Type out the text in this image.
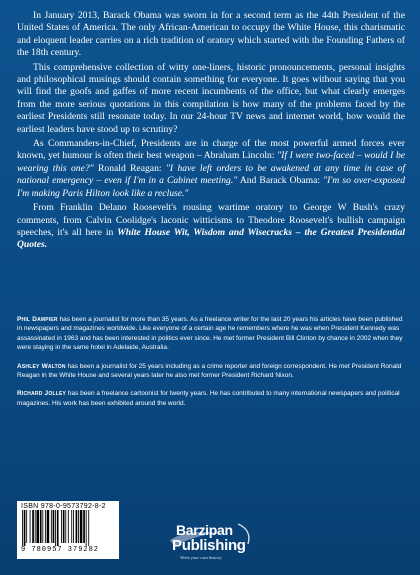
In January 2013, Barack Obama was sworn in for a second term as the 44th President of the United States of America. The only African-American to occupy the White House, this charismatic and eloquent leader carries on a rich tradition of oratory which started with the Founding Fathers of the 18th century.

This comprehensive collection of witty one-liners, historic pronouncements, personal insights and philosophical musings should contain something for everyone. It goes without saying that you will find the goofs and gaffes of more recent incumbents of the office, but what clearly emerges from the more serious quotations in this compilation is how many of the problems faced by the earliest Presidents still resonate today. In our 24-hour TV news and internet world, how would the earliest leaders have stood up to scrutiny?

As Commanders-in-Chief, Presidents are in charge of the most powerful armed forces ever known, yet humour is often their best weapon – Abraham Lincoln: "If I were two-faced – would I be wearing this one?" Ronald Reagan: "I have left orders to be awakened at any time in case of national emergency – even if I'm in a Cabinet meeting." And Barack Obama: "I'm so over-exposed I'm making Paris Hilton look like a recluse."

From Franklin Delano Roosevelt's rousing wartime oratory to George W Bush's crazy comments, from Calvin Coolidge's laconic witticisms to Theodore Roosevelt's bullish campaign speeches, it's all here in White House Wit, Wisdom and Wisecracks – the Greatest Presidential Quotes.

Phil Dampier has been a journalist for more than 35 years. As a freelance writer for the last 20 years his articles have been published in newspapers and magazines worldwide. Like everyone of a certain age he remembers where he was when President Kennedy was assassinated in 1963 and has been interested in politics ever since. He met former President Bill Clinton by chance in 2002 when they were staying in the same hotel in Adelaide, Australia.

Ashley Walton has been a journalist for 25 years including as a crime reporter and foreign correspondent. He met President Ronald Reagan in the White House and several years later he also met former President Richard Nixon.

Richard Jolley has been a freelance cartoonist for twenty years. He has contributed to many international newspapers and political magazines. His work has been exhibited around the world.

ISBN 978-0-9573792-8-2
9 780957 379282
Barzipan
Publishing
Write your own history
